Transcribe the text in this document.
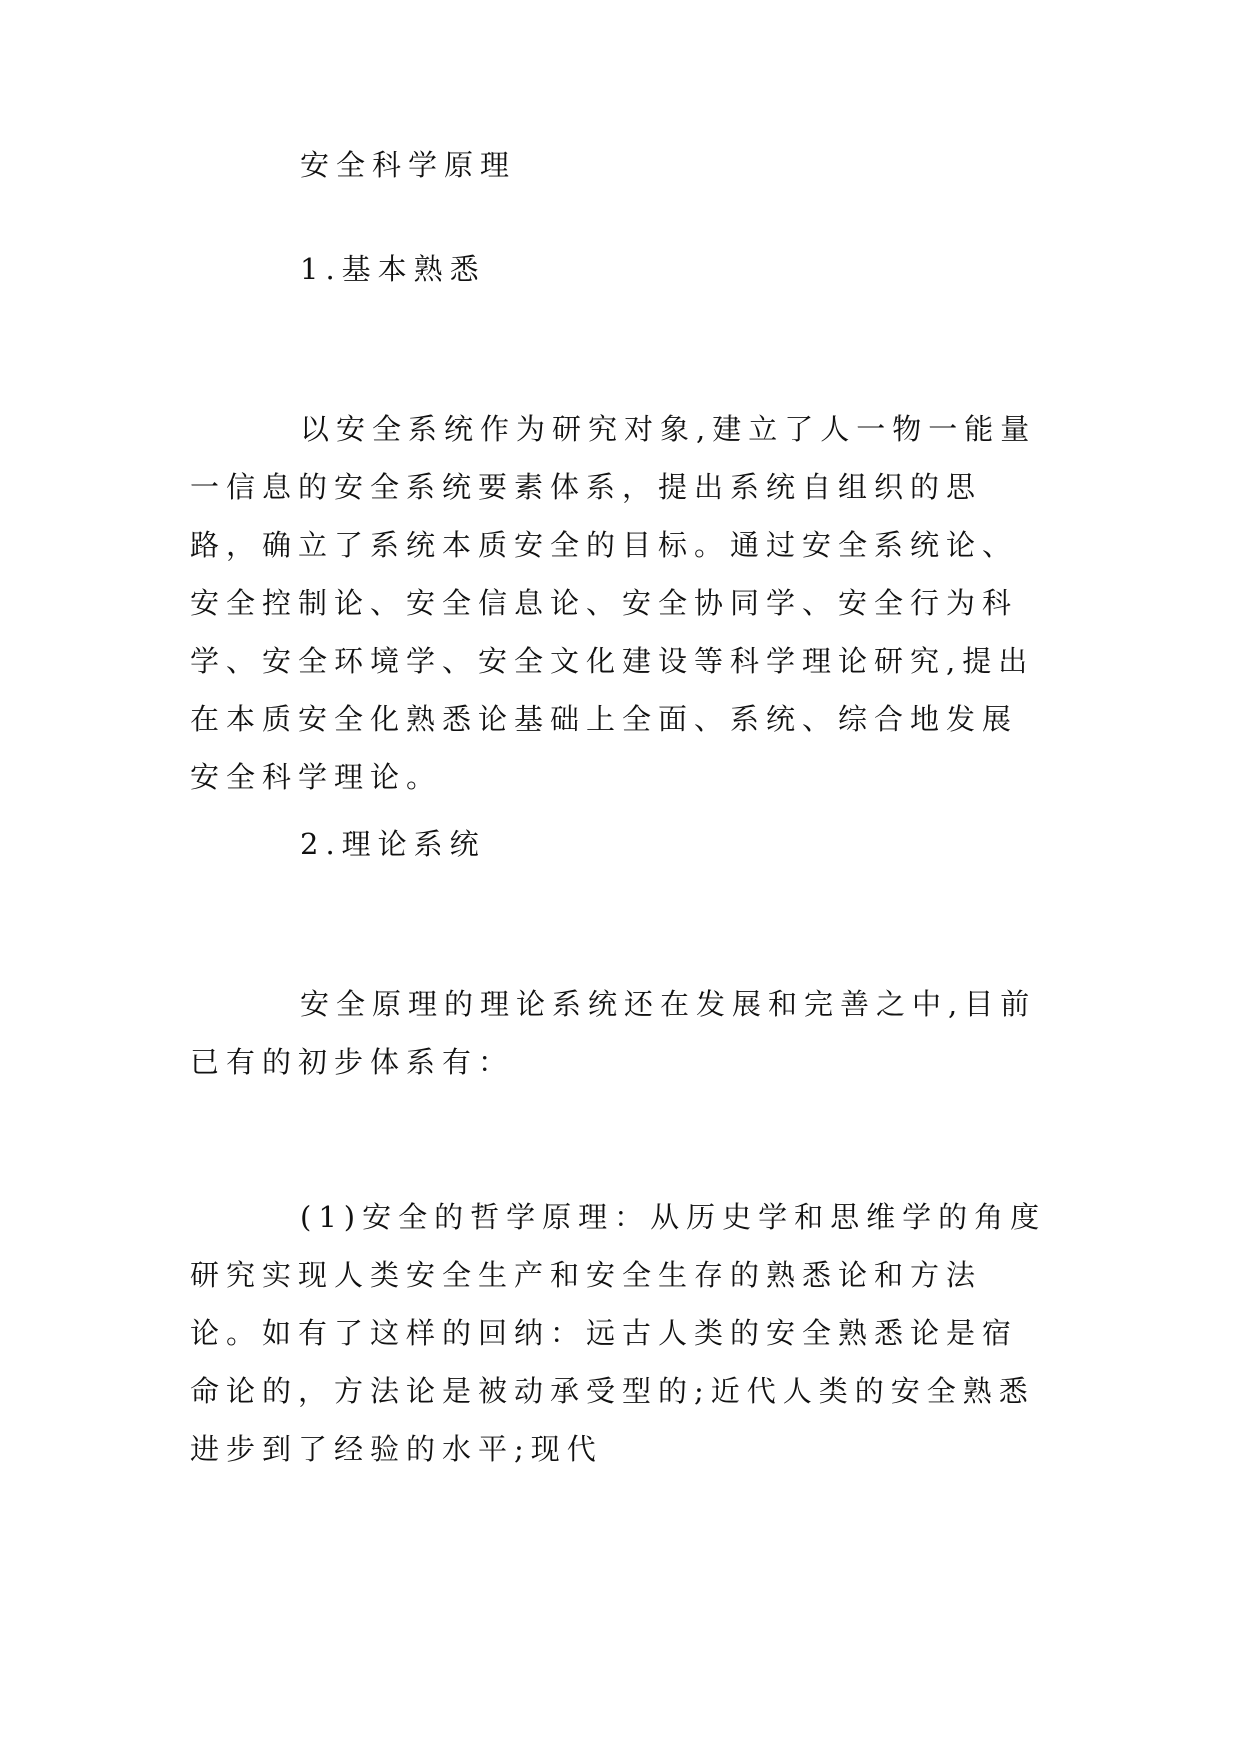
安全科学原理

1.基本熟悉

以安全系统作为研究对象,建立了人一物一能量一信息的安全系统要素体系，提出系统自组织的思路，确立了系统本质安全的目标。通过安全系统论、安全控制论、安全信息论、安全协同学、安全行为科学、安全环境学、安全文化建设等科学理论研究,提出在本质安全化熟悉论基础上全面、系统、综合地发展安全科学理论。

2.理论系统

安全原理的理论系统还在发展和完善之中,目前已有的初步体系有：

(1)安全的哲学原理：从历史学和思维学的角度研究实现人类安全生产和安全生存的熟悉论和方法论。如有了这样的回纳：远古人类的安全熟悉论是宿命论的，方法论是被动承受型的;近代人类的安全熟悉进步到了经验的水平;现代
